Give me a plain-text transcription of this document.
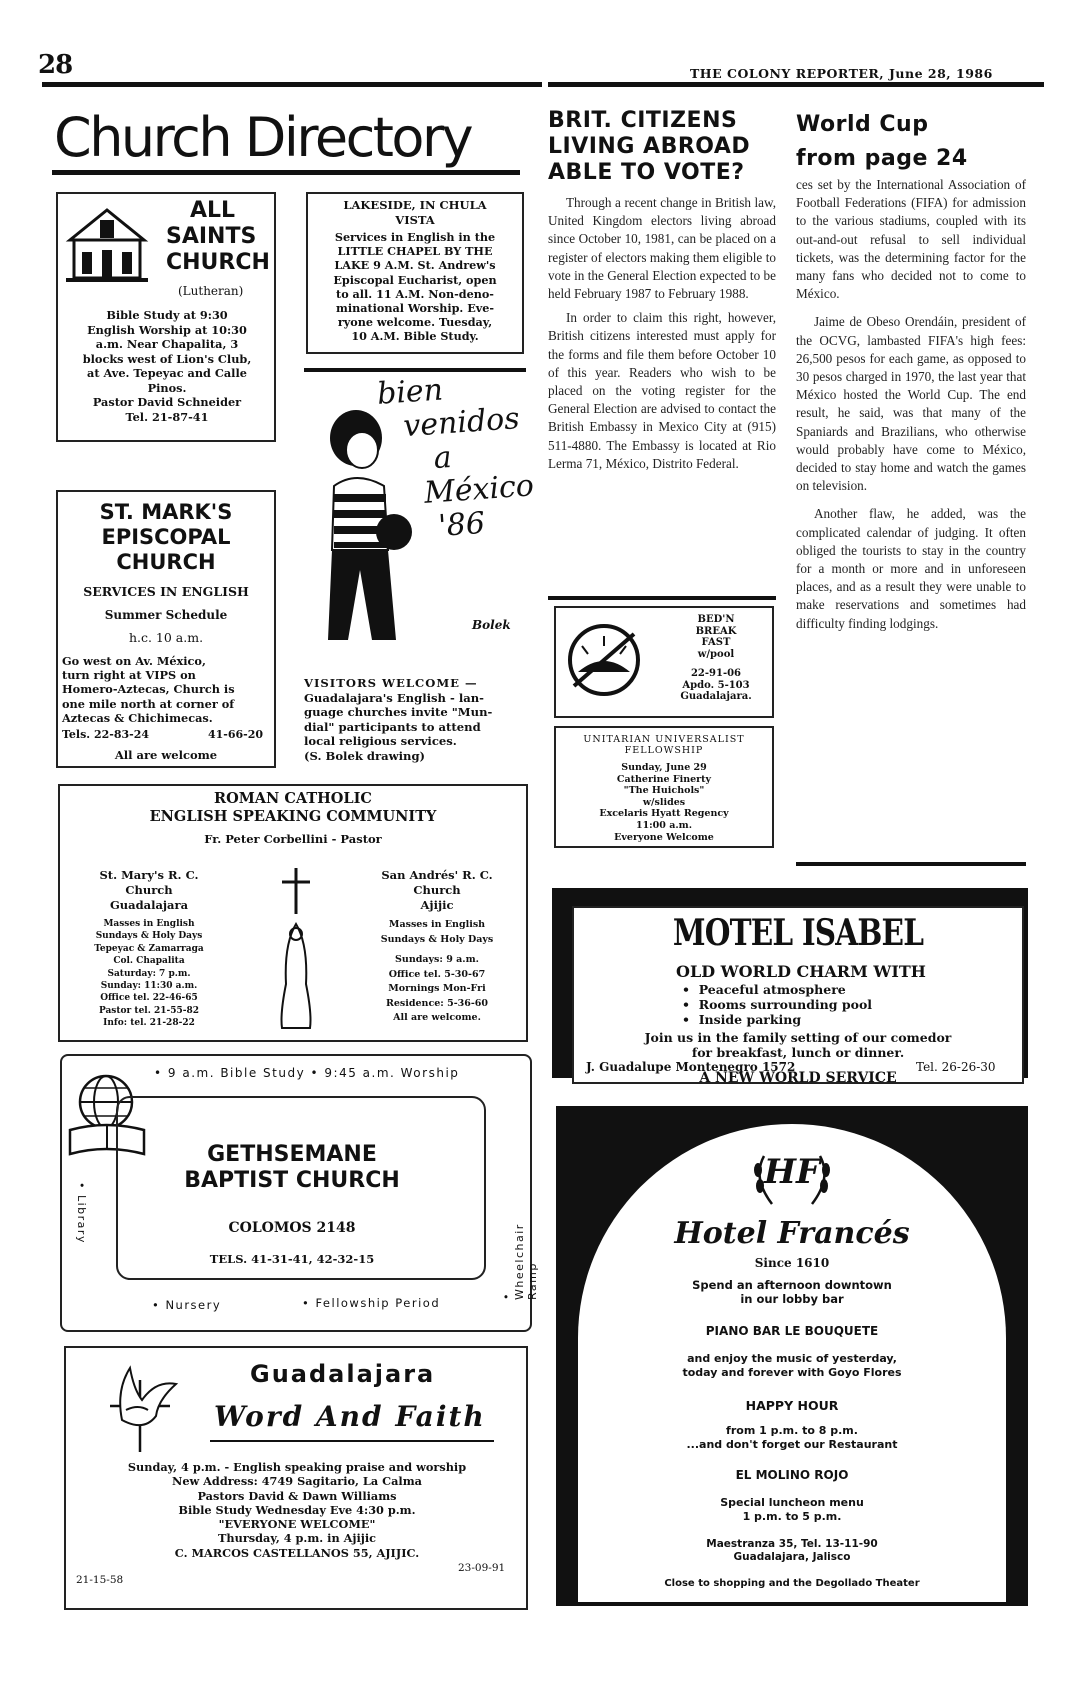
28	THE COLONY REPORTER, June 28, 1986
Church Directory
ALL
SAINTS
CHURCH
(Lutheran)
Bible Study at 9:30
English Worship at 10:30
a.m. Near Chapalita, 3
blocks west of Lion's Club,
at Ave. Tepeyac and Calle
Pinos.
Pastor David Schneider
Tel. 21-87-41
LAKESIDE, IN CHULA
VISTA
Services in English in the
LITTLE CHAPEL BY THE
LAKE 9 A.M. St. Andrew's
Episcopal Eucharist, open
to all. 11 A.M. Non-deno-
minational Worship. Eve-
ryone welcome. Tuesday,
10 A.M. Bible Study.
bien
venidos
a
México
'86
Bolek
VISITORS WELCOME —
Guadalajara's English - lan-
guage churches invite "Mun-
dial" participants to attend
local religious services.
(S. Bolek drawing)
ST. MARK'S
EPISCOPAL
CHURCH
SERVICES IN ENGLISH
Summer Schedule
h.c. 10 a.m.
Go west on Av. México,
turn right at VIPS on
Homero-Aztecas, Church is
one mile north at corner of
Aztecas & Chichimecas.
Tels. 22-83-24	41-66-20
All are welcome
ROMAN CATHOLIC
ENGLISH SPEAKING COMMUNITY
Fr. Peter Corbellini - Pastor
St. Mary's R. C.
Church
Guadalajara
Masses in English
Sundays & Holy Days
Tepeyac & Zamarraga
Col. Chapalita
Saturday: 7 p.m.
Sunday: 11:30 a.m.
Office tel. 22-46-65
Pastor tel. 21-55-82
Info: tel. 21-28-22
San Andrés' R. C.
Church
Ajijic
Masses in English
Sundays & Holy Days
Sundays: 9 a.m.
Office tel. 5-30-67
Mornings Mon-Fri
Residence: 5-36-60
All are welcome.
• 9 a.m. Bible Study • 9:45 a.m. Worship
GETHSEMANE
BAPTIST CHURCH
COLOMOS 2148
TELS. 41-31-41, 42-32-15
• Library
• Wheelchair Ramp
• Nursery	• Fellowship Period
Guadalajara
Word And Faith
Sunday, 4 p.m. - English speaking praise and worship
New Address: 4749 Sagitario, La Calma
Pastors David & Dawn Williams
Bible Study Wednesday Eve 4:30 p.m.
"EVERYONE WELCOME"
Thursday, 4 p.m. in Ajijic
C. MARCOS CASTELLANOS 55, AJIJIC.
21-15-58
23-09-91
BRIT. CITIZENS
LIVING ABROAD
ABLE TO VOTE?

Through a recent change in British law, United Kingdom electors living abroad since October 10, 1981, can be placed on a register of electors making them eligible to vote in the General Election expected to be held February 1987 to February 1988.

In order to claim this right, however, British citizens interested must apply for the forms and file them before October 10 of this year. Readers who wish to be placed on the voting register for the General Election are advised to contact the British Embassy in Mexico City at (915) 511-4880. The Embassy is located at Rio Lerma 71, México, Distrito Federal.

BED'N
BREAK
FAST
w/pool
22-91-06
Apdo. 5-103
Guadalajara.
UNITARIAN UNIVERSALIST
FELLOWSHIP
Sunday, June 29
Catherine Finerty
"The Huichols"
w/slides
Excelaris Hyatt Regency
11:00 a.m.
Everyone Welcome
World Cup
from page 24

ces set by the International Association of Football Federations (FIFA) for admission to the various stadiums, coupled with its out-and-out refusal to sell individual tickets, was the determining factor for the many fans who decided not to come to México.

Jaime de Obeso Orendáin, president of the OCVG, lambasted FIFA's high fees: 26,500 pesos for each game, as opposed to 30 pesos charged in 1970, the last year that México hosted the World Cup. The end result, he said, was that many of the Spaniards and Brazilians, who otherwise would probably have come to México, decided to stay home and watch the games on television.

Another flaw, he added, was the complicated calendar of judging. It often obliged the tourists to stay in the country for a month or more and in unforeseen places, and as a result they were unable to make reservations and sometimes had difficulty finding lodgings.

MOTEL ISABEL
OLD WORLD CHARM WITH
•  Peaceful atmosphere
•  Rooms surrounding pool
•  Inside parking
Join us in the family setting of our comedor
for breakfast, lunch or dinner.
J. Guadalupe Montenegro 1572	Tel. 26-26-30
A NEW WORLD SERVICE
HF
Hotel Francés
Since 1610
Spend an afternoon downtown
in our lobby bar
PIANO BAR LE BOUQUETE
and enjoy the music of yesterday,
today and forever with Goyo Flores
HAPPY HOUR
from 1 p.m. to 8 p.m.
...and don't forget our Restaurant
EL MOLINO ROJO
Special luncheon menu
1 p.m. to 5 p.m.
Maestranza 35, Tel. 13-11-90
Guadalajara, Jalisco
Close to shopping and the Degollado Theater
